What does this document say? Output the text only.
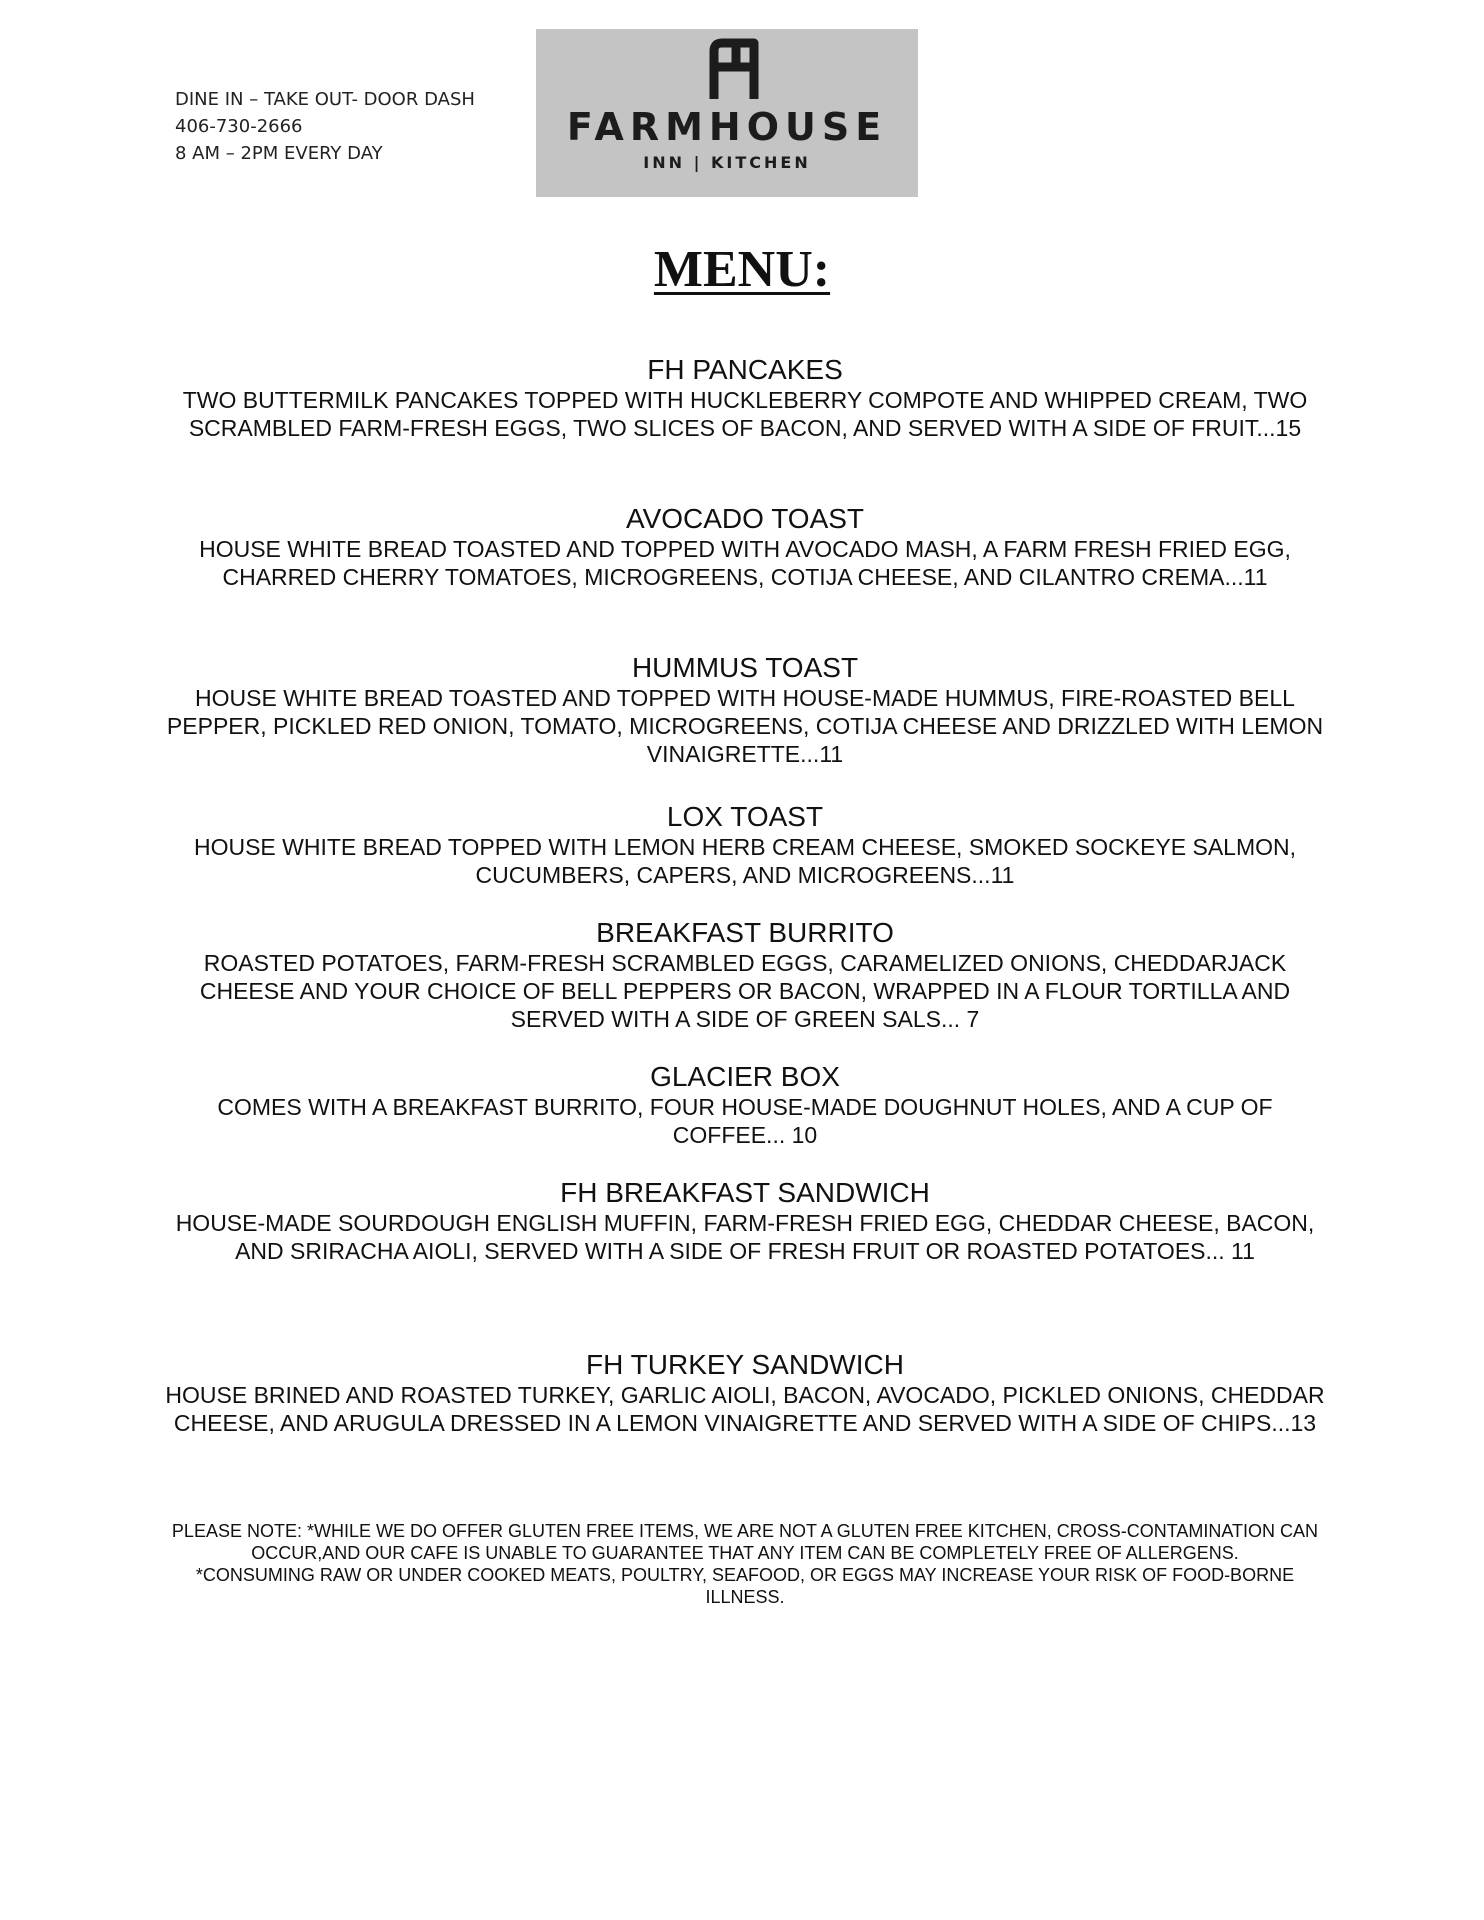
DINE IN – TAKE OUT- DOOR DASH
406-730-2666
8 AM – 2PM EVERY DAY
FARMHOUSE
INN | KITCHEN
MENU:
FH PANCAKES
TWO BUTTERMILK PANCAKES TOPPED WITH HUCKLEBERRY COMPOTE AND WHIPPED CREAM, TWO SCRAMBLED FARM-FRESH EGGS, TWO SLICES OF BACON, AND SERVED WITH A SIDE OF FRUIT...15
AVOCADO TOAST
HOUSE WHITE BREAD TOASTED AND TOPPED WITH AVOCADO MASH, A FARM FRESH FRIED EGG, CHARRED CHERRY TOMATOES, MICROGREENS, COTIJA CHEESE, AND CILANTRO CREMA...11
HUMMUS TOAST
HOUSE WHITE BREAD TOASTED AND TOPPED WITH HOUSE-MADE HUMMUS, FIRE-ROASTED BELL PEPPER, PICKLED RED ONION, TOMATO, MICROGREENS, COTIJA CHEESE AND DRIZZLED WITH LEMON VINAIGRETTE...11
LOX TOAST
HOUSE WHITE BREAD TOPPED WITH LEMON HERB CREAM CHEESE, SMOKED SOCKEYE SALMON, CUCUMBERS, CAPERS, AND MICROGREENS...11
BREAKFAST BURRITO
ROASTED POTATOES, FARM-FRESH SCRAMBLED EGGS, CARAMELIZED ONIONS, CHEDDARJACK CHEESE AND YOUR CHOICE OF BELL PEPPERS OR BACON, WRAPPED IN A FLOUR TORTILLA AND SERVED WITH A SIDE OF GREEN SALS... 7
GLACIER BOX
COMES WITH A BREAKFAST BURRITO, FOUR HOUSE-MADE DOUGHNUT HOLES, AND A CUP OF COFFEE... 10
FH BREAKFAST SANDWICH
HOUSE-MADE SOURDOUGH ENGLISH MUFFIN, FARM-FRESH FRIED EGG, CHEDDAR CHEESE, BACON, AND SRIRACHA AIOLI, SERVED WITH A SIDE OF FRESH FRUIT OR ROASTED POTATOES... 11
FH TURKEY SANDWICH
HOUSE BRINED AND ROASTED TURKEY, GARLIC AIOLI, BACON, AVOCADO, PICKLED ONIONS, CHEDDAR CHEESE, AND ARUGULA DRESSED IN A LEMON VINAIGRETTE AND SERVED WITH A SIDE OF CHIPS...13
PLEASE NOTE: *WHILE WE DO OFFER GLUTEN FREE ITEMS, WE ARE NOT A GLUTEN FREE KITCHEN, CROSS-CONTAMINATION CAN OCCUR,AND OUR CAFE IS UNABLE TO GUARANTEE THAT ANY ITEM CAN BE COMPLETELY FREE OF ALLERGENS.
*CONSUMING RAW OR UNDER COOKED MEATS, POULTRY, SEAFOOD, OR EGGS MAY INCREASE YOUR RISK OF FOOD-BORNE ILLNESS.
